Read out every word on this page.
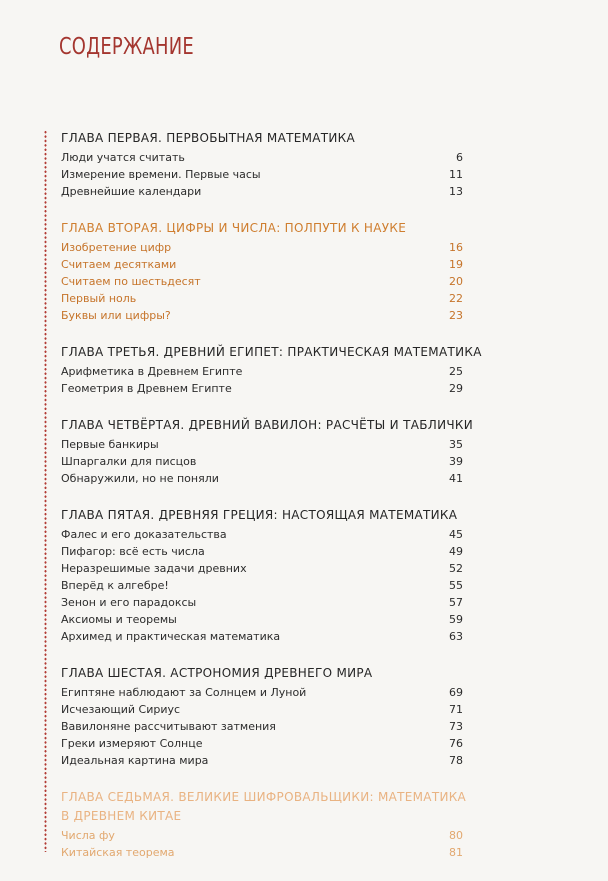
СОДЕРЖАНИЕ
ГЛАВА ПЕРВАЯ. ПЕРВОБЫТНАЯ МАТЕМАТИКА
Люди учатся считать	6
Измерение времени. Первые часы	11
Древнейшие календари	13
ГЛАВА ВТОРАЯ. ЦИФРЫ И ЧИСЛА: ПОЛПУТИ К НАУКЕ
Изобретение цифр	16
Считаем десятками	19
Считаем по шестьдесят	20
Первый ноль	22
Буквы или цифры?	23
ГЛАВА ТРЕТЬЯ. ДРЕВНИЙ ЕГИПЕТ: ПРАКТИЧЕСКАЯ МАТЕМАТИКА
Арифметика в Древнем Египте	25
Геометрия в Древнем Египте	29
ГЛАВА ЧЕТВЁРТАЯ. ДРЕВНИЙ ВАВИЛОН: РАСЧЁТЫ И ТАБЛИЧКИ
Первые банкиры	35
Шпаргалки для писцов	39
Обнаружили, но не поняли	41
ГЛАВА ПЯТАЯ. ДРЕВНЯЯ ГРЕЦИЯ: НАСТОЯЩАЯ МАТЕМАТИКА
Фалес и его доказательства	45
Пифагор: всё есть числа	49
Неразрешимые задачи древних	52
Вперёд к алгебре!	55
Зенон и его парадоксы	57
Аксиомы и теоремы	59
Архимед и практическая математика	63
ГЛАВА ШЕСТАЯ. АСТРОНОМИЯ ДРЕВНЕГО МИРА
Египтяне наблюдают за Солнцем и Луной	69
Исчезающий Сириус	71
Вавилоняне рассчитывают затмения	73
Греки измеряют Солнце	76
Идеальная картина мира	78
ГЛАВА СЕДЬМАЯ. ВЕЛИКИЕ ШИФРОВАЛЬЩИКИ: МАТЕМАТИКА
В ДРЕВНЕМ КИТАЕ
Числа фу	80
Китайская теорема	81
